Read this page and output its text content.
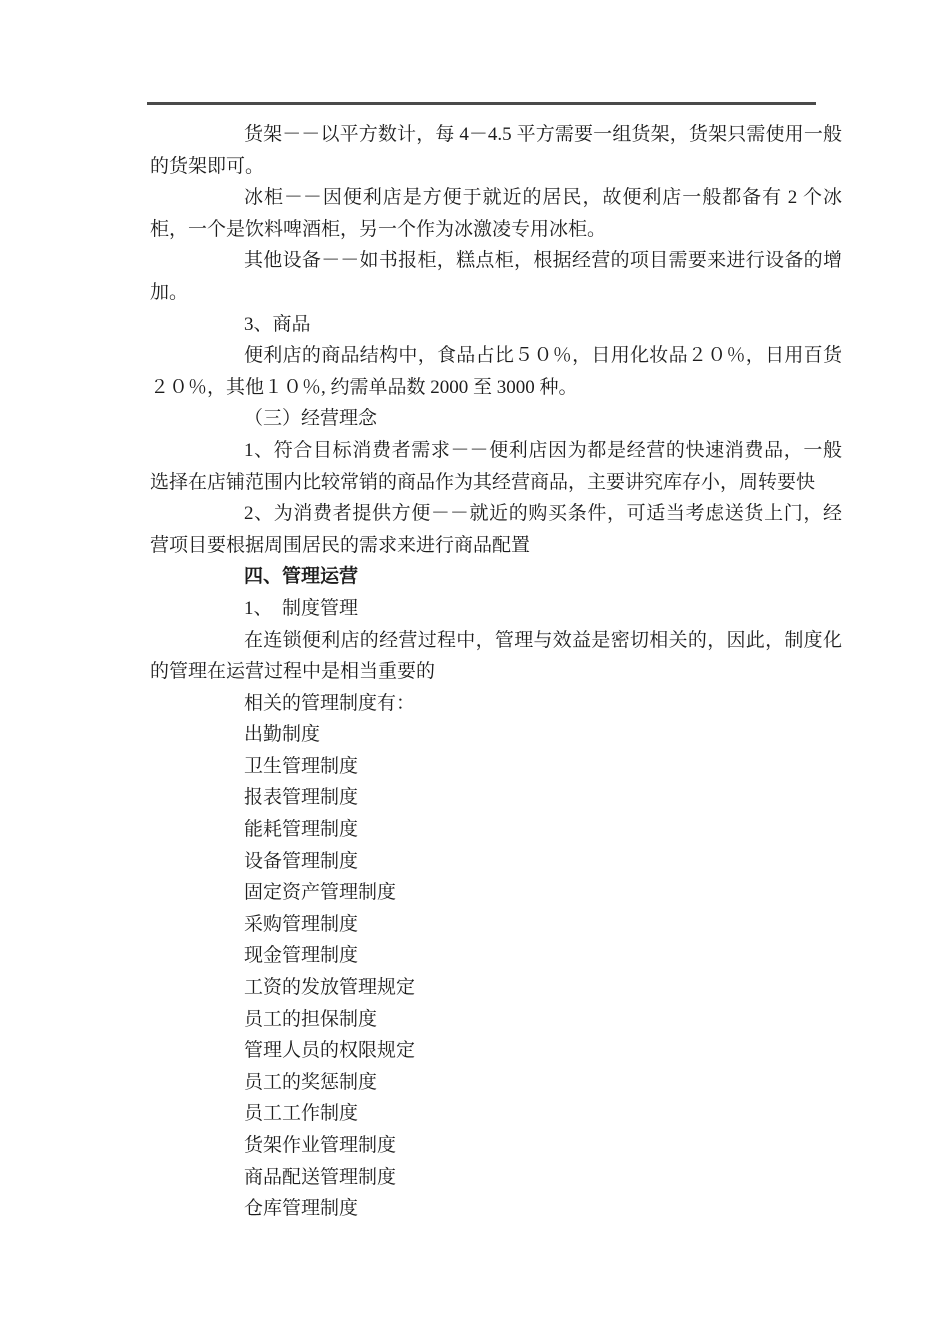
货架－－以平方数计，每 4－4.5 平方需要一组货架，货架只需使用一般的货架即可。

冰柜－－因便利店是方便于就近的居民，故便利店一般都备有 2 个冰柜，一个是饮料啤酒柜，另一个作为冰激凌专用冰柜。

其他设备－－如书报柜，糕点柜，根据经营的项目需要来进行设备的增加。

3、商品

便利店的商品结构中，食品占比５０％，日用化妆品２０％，日用百货２０％，其他１０％, 约需单品数 2000 至 3000 种。

（三）经营理念

1、符合目标消费者需求－－便利店因为都是经营的快速消费品，一般选择在店铺范围内比较常销的商品作为其经营商品，主要讲究库存小，周转要快

2、为消费者提供方便－－就近的购买条件，可适当考虑送货上门，经营项目要根据周围居民的需求来进行商品配置

四、管理运营

1、　制度管理

在连锁便利店的经营过程中，管理与效益是密切相关的，因此，制度化的管理在运营过程中是相当重要的

相关的管理制度有：

出勤制度

卫生管理制度

报表管理制度

能耗管理制度

设备管理制度

固定资产管理制度

采购管理制度

现金管理制度

工资的发放管理规定

员工的担保制度

管理人员的权限规定

员工的奖惩制度

员工工作制度

货架作业管理制度

商品配送管理制度

仓库管理制度
